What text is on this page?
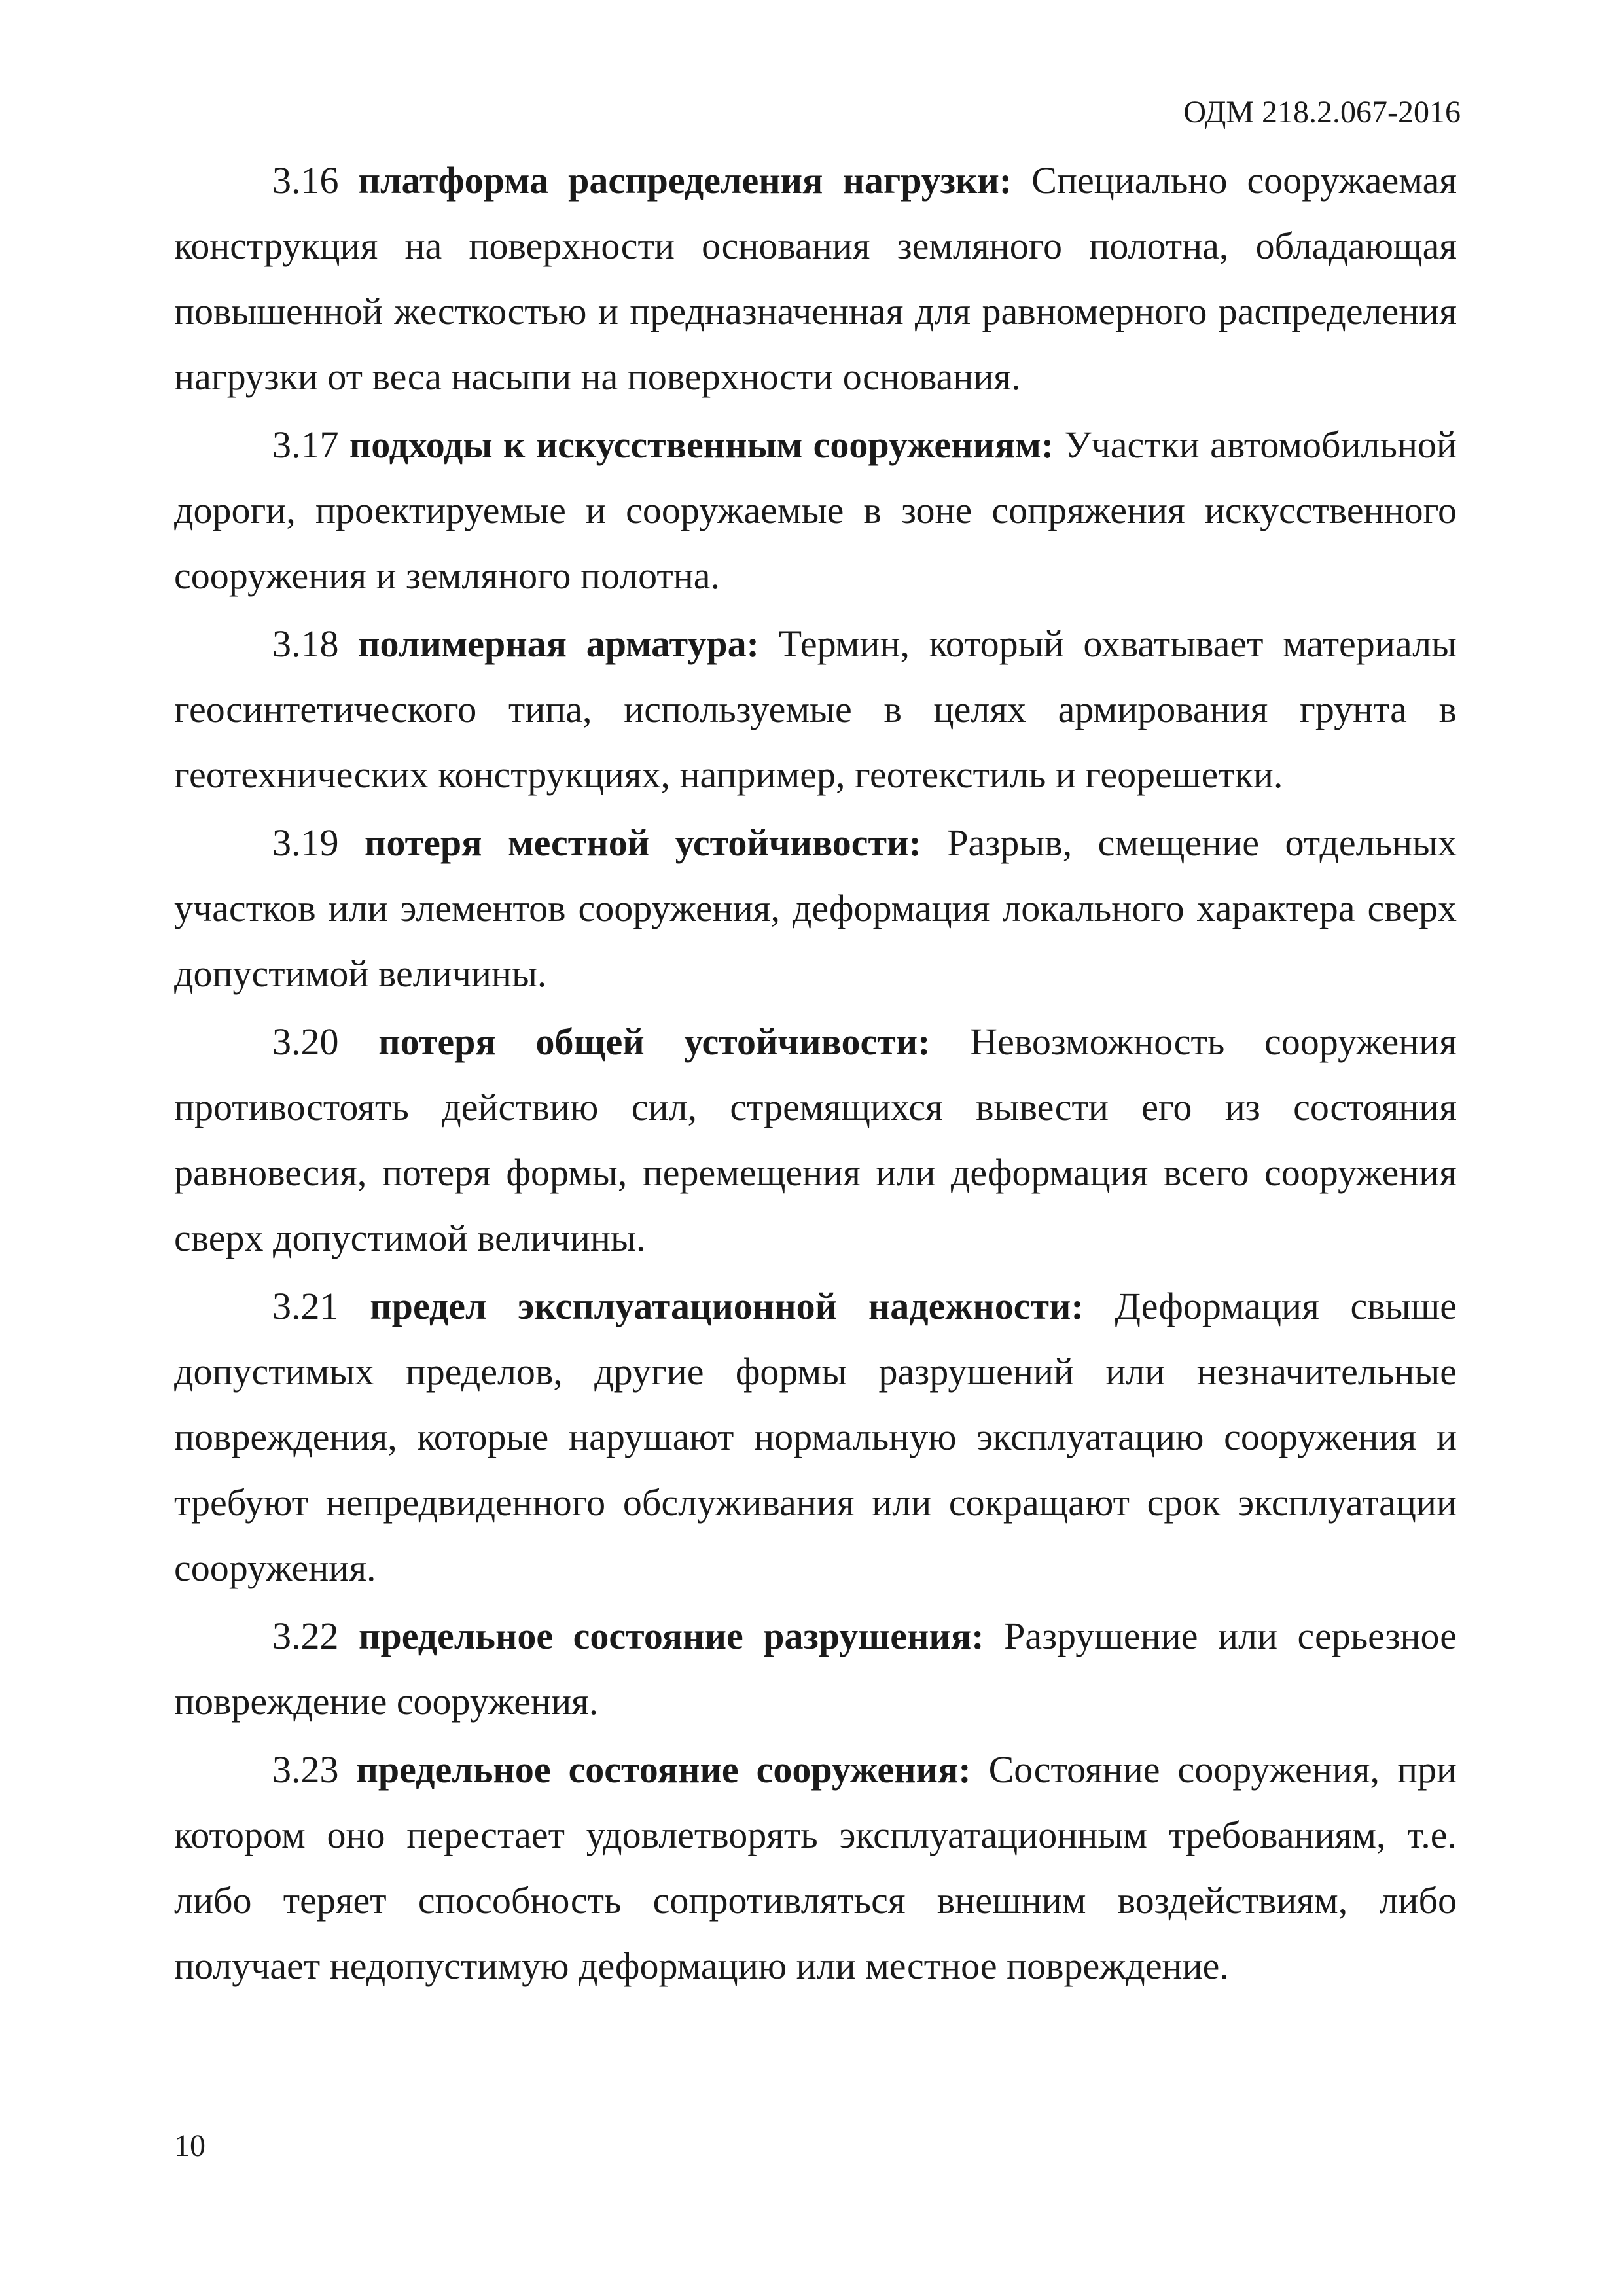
ОДМ 218.2.067-2016

3.16 платформа распределения нагрузки: Специально сооружаемая конструкция на поверхности основания земляного полотна, обладающая повышенной жесткостью и предназначенная для равномерного распределения нагрузки от веса насыпи на поверхности основания.

3.17 подходы к искусственным сооружениям: Участки автомобильной дороги, проектируемые и сооружаемые в зоне сопряжения искусственного сооружения и земляного полотна.

3.18 полимерная арматура: Термин, который охватывает материалы геосинтетического типа, используемые в целях армирования грунта в геотехнических конструкциях, например, геотекстиль и георешетки.

3.19 потеря местной устойчивости: Разрыв, смещение отдельных участков или элементов сооружения, деформация локального характера сверх допустимой величины.

3.20 потеря общей устойчивости: Невозможность сооружения противостоять действию сил, стремящихся вывести его из состояния равновесия, потеря формы, перемещения или деформация всего сооружения сверх допустимой величины.

3.21 предел эксплуатационной надежности: Деформация свыше допустимых пределов, другие формы разрушений или незначительные повреждения, которые нарушают нормальную эксплуатацию сооружения и требуют непредвиденного обслуживания или сокращают срок эксплуатации сооружения.

3.22 предельное состояние разрушения: Разрушение или серьезное повреждение сооружения.

3.23 предельное состояние сооружения: Состояние сооружения, при котором оно перестает удовлетворять эксплуатационным требованиям, т.е. либо теряет способность сопротивляться внешним воздействиям, либо получает недопустимую деформацию или местное повреждение.

10
